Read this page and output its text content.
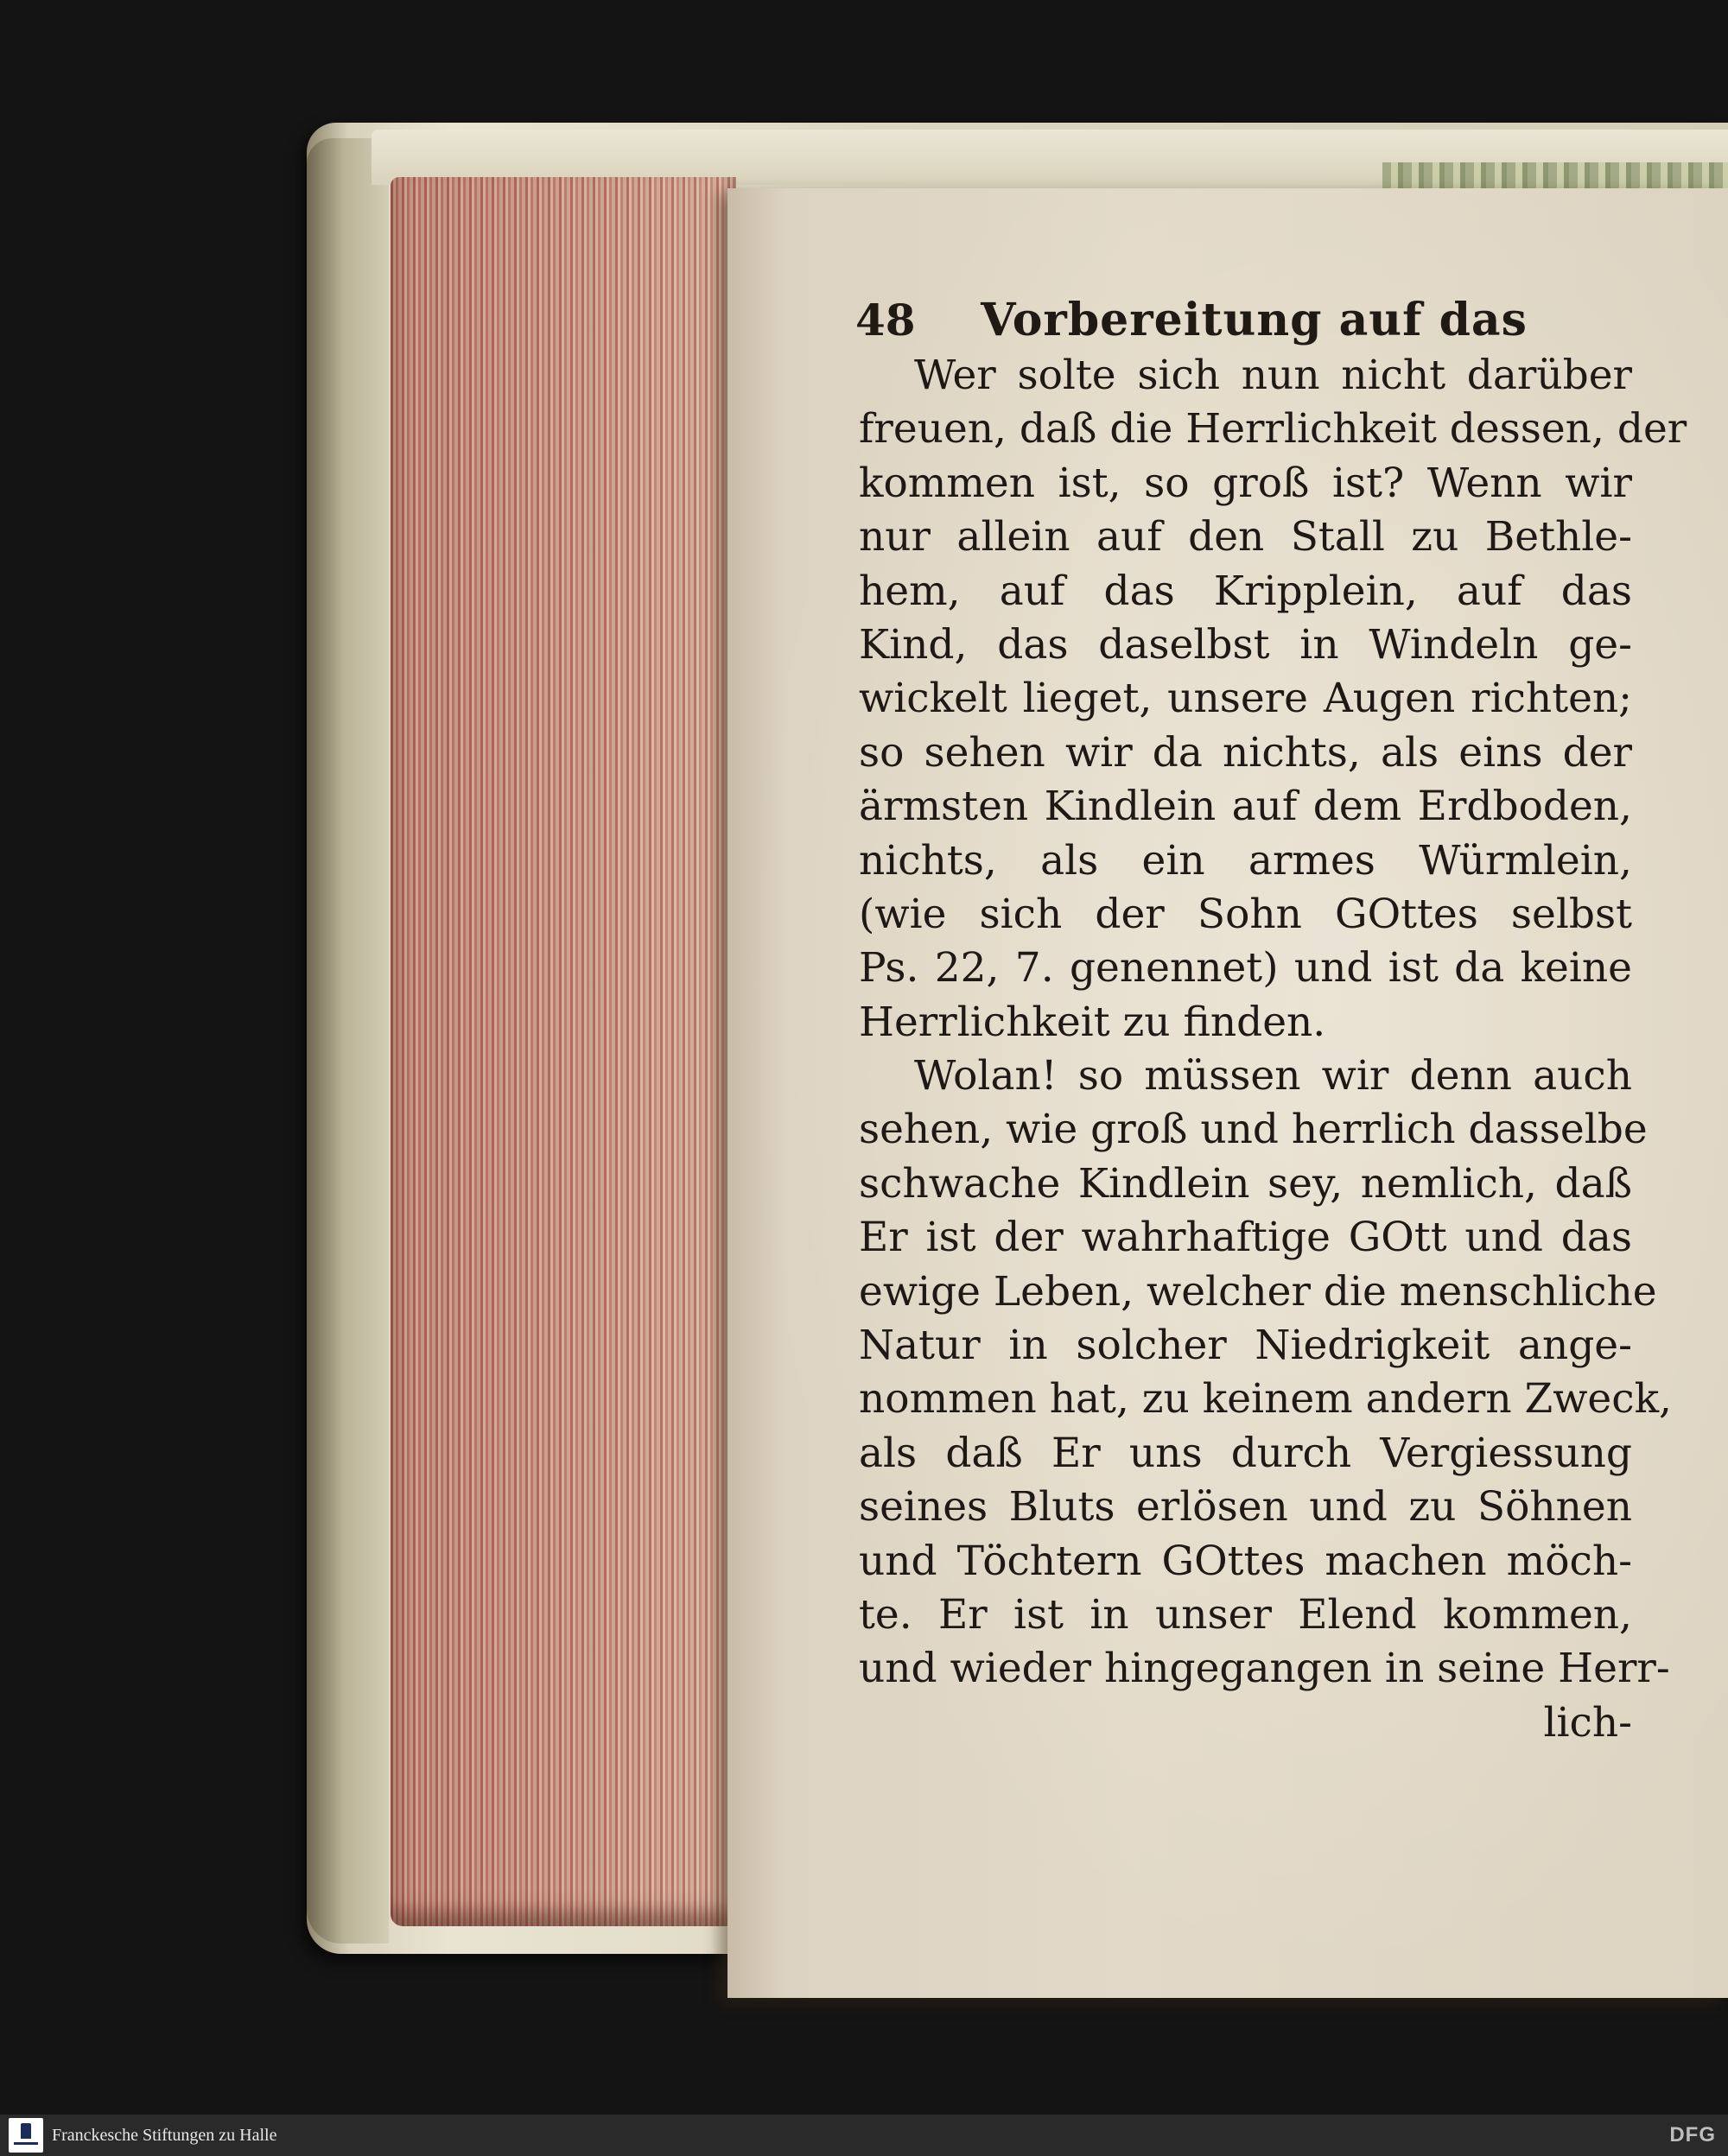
48 Vorbereitung auf das
Wer solte sich nun nicht darüber
freuen, daß die Herrlichkeit dessen, der
kommen ist, so groß ist? Wenn wir
nur allein auf den Stall zu Bethle-
hem, auf das Kripplein, auf das
Kind, das daselbst in Windeln ge-
wickelt lieget, unsere Augen richten;
so sehen wir da nichts, als eins der
ärmsten Kindlein auf dem Erdboden,
nichts, als ein armes Würmlein,
(wie sich der Sohn GOttes selbst
Ps. 22, 7. genennet) und ist da keine
Herrlichkeit zu finden.
Wolan! so müssen wir denn auch
sehen, wie groß und herrlich dasselbe
schwache Kindlein sey, nemlich, daß
Er ist der wahrhaftige GOtt und das
ewige Leben, welcher die menschliche
Natur in solcher Niedrigkeit ange-
nommen hat, zu keinem andern Zweck,
als daß Er uns durch Vergiessung
seines Bluts erlösen und zu Söhnen
und Töchtern GOttes machen möch-
te. Er ist in unser Elend kommen,
und wieder hingegangen in seine Herr-
lich-
Franckesche Stiftungen zu Halle	DFG
